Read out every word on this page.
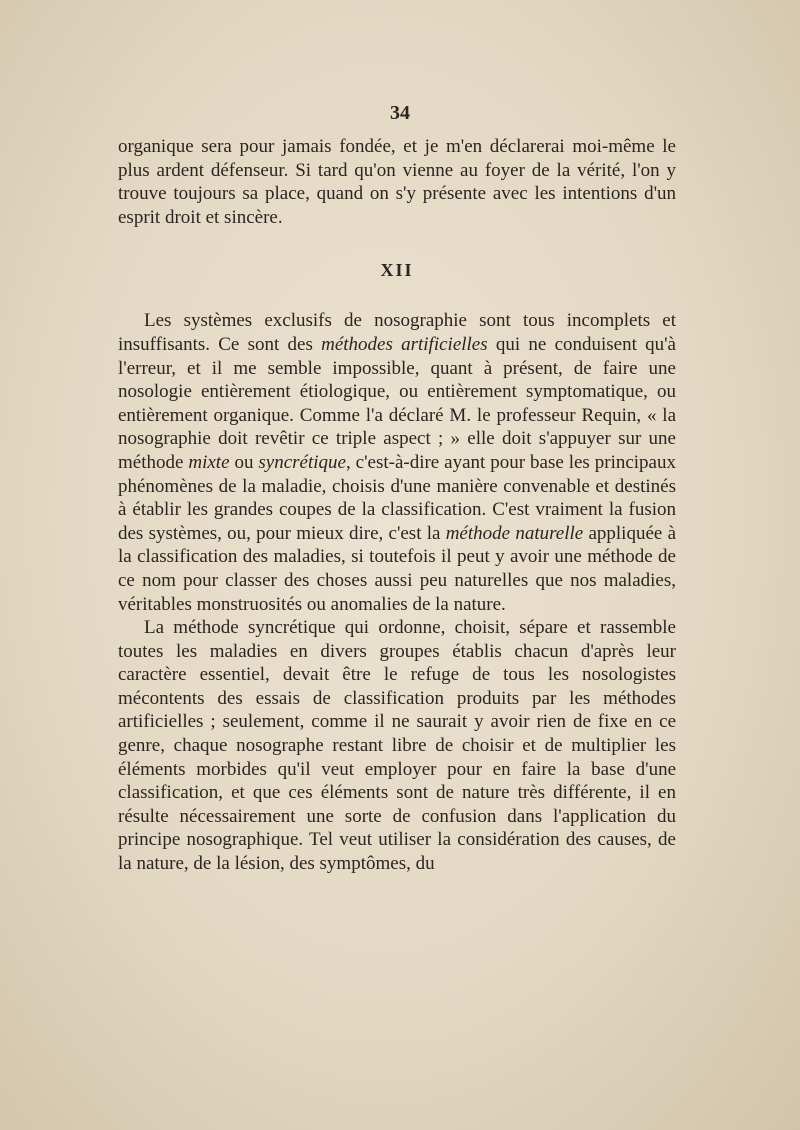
34

organique sera pour jamais fondée, et je m'en déclarerai moi-même le plus ardent défenseur. Si tard qu'on vienne au foyer de la vérité, l'on y trouve toujours sa place, quand on s'y présente avec les intentions d'un esprit droit et sincère.

XII

Les systèmes exclusifs de nosographie sont tous incomplets et insuffisants. Ce sont des méthodes artificielles qui ne conduisent qu'à l'erreur, et il me semble impossible, quant à présent, de faire une nosologie entièrement étiologique, ou entièrement symptomatique, ou entièrement organique. Comme l'a déclaré M. le professeur Requin, « la nosographie doit revêtir ce triple aspect ; » elle doit s'appuyer sur une méthode mixte ou syncrétique, c'est-à-dire ayant pour base les principaux phénomènes de la maladie, choisis d'une manière convenable et destinés à établir les grandes coupes de la classification. C'est vraiment la fusion des systèmes, ou, pour mieux dire, c'est la méthode naturelle appliquée à la classification des maladies, si toutefois il peut y avoir une méthode de ce nom pour classer des choses aussi peu naturelles que nos maladies, véritables monstruosités ou anomalies de la nature.

La méthode syncrétique qui ordonne, choisit, sépare et rassemble toutes les maladies en divers groupes établis chacun d'après leur caractère essentiel, devait être le refuge de tous les nosologistes mécontents des essais de classification produits par les méthodes artificielles ; seulement, comme il ne saurait y avoir rien de fixe en ce genre, chaque nosographe restant libre de choisir et de multiplier les éléments morbides qu'il veut employer pour en faire la base d'une classification, et que ces éléments sont de nature très différente, il en résulte nécessairement une sorte de confusion dans l'application du principe nosographique. Tel veut utiliser la considération des causes, de la nature, de la lésion, des symptômes, du
